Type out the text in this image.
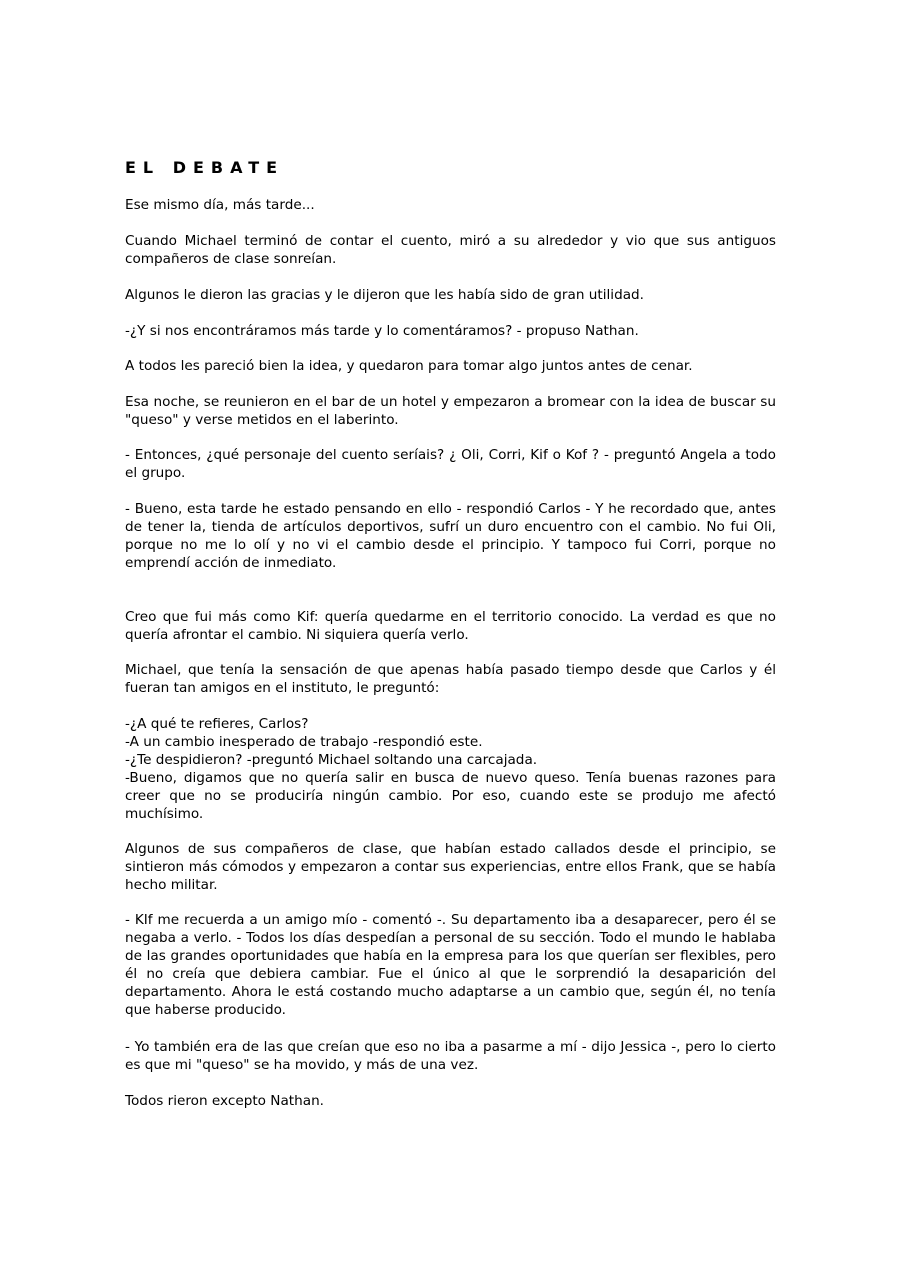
EL DEBATE

Ese mismo día, más tarde...

Cuando Michael terminó de contar el cuento, miró a su alrededor y vio que sus antiguos compañeros de clase sonreían.

Algunos le dieron las gracias y le dijeron que les había sido de gran utilidad.

-¿Y si nos encontráramos más tarde y lo comentáramos? - propuso Nathan.

A todos les pareció bien la idea, y quedaron para tomar algo juntos antes de cenar.

Esa noche, se reunieron en el bar de un hotel y empezaron a bromear con la idea de buscar su "queso" y verse metidos en el laberinto.

- Entonces, ¿qué personaje del cuento seríais? ¿ Oli, Corri, Kif o Kof ? - preguntó Angela a todo el grupo.

- Bueno, esta tarde he estado pensando en ello - respondió Carlos - Y he recordado que, antes de tener la, tienda de artículos deportivos, sufrí un duro encuentro con el cambio. No fui Oli, porque no me lo olí y no vi el cambio desde el principio. Y tampoco fui Corri, porque no emprendí acción de inmediato.

Creo que fui más como Kif: quería quedarme en el territorio conocido. La verdad es que no quería afrontar el cambio. Ni siquiera quería verlo.

Michael, que tenía la sensación de que apenas había pasado tiempo desde que Carlos y él fueran tan amigos en el instituto, le preguntó:

-¿A qué te refieres, Carlos?

-A un cambio inesperado de trabajo -respondió este.

-¿Te despidieron? -preguntó Michael soltando una carcajada.

-Bueno, digamos que no quería salir en busca de nuevo queso. Tenía buenas razones para creer que no se produciría ningún cambio. Por eso, cuando este se produjo me afectó muchísimo.

Algunos de sus compañeros de clase, que habían estado callados desde el principio, se sintieron más cómodos y empezaron a contar sus experiencias, entre ellos Frank, que se había hecho militar.

- KIf me recuerda a un amigo mío - comentó -. Su departamento iba a desaparecer, pero él se negaba a verlo. - Todos los días despedían a personal de su sección. Todo el mundo le hablaba de las grandes oportunidades que había en la empresa para los que querían ser flexibles, pero él no creía que debiera cambiar. Fue el único al que le sorprendió la desaparición del departamento. Ahora le está costando mucho adaptarse a un cambio que, según él, no tenía que haberse producido.

- Yo también era de las que creían que eso no iba a pasarme a mí - dijo Jessica -, pero lo cierto es que mi "queso" se ha movido, y más de una vez.

Todos rieron excepto Nathan.
